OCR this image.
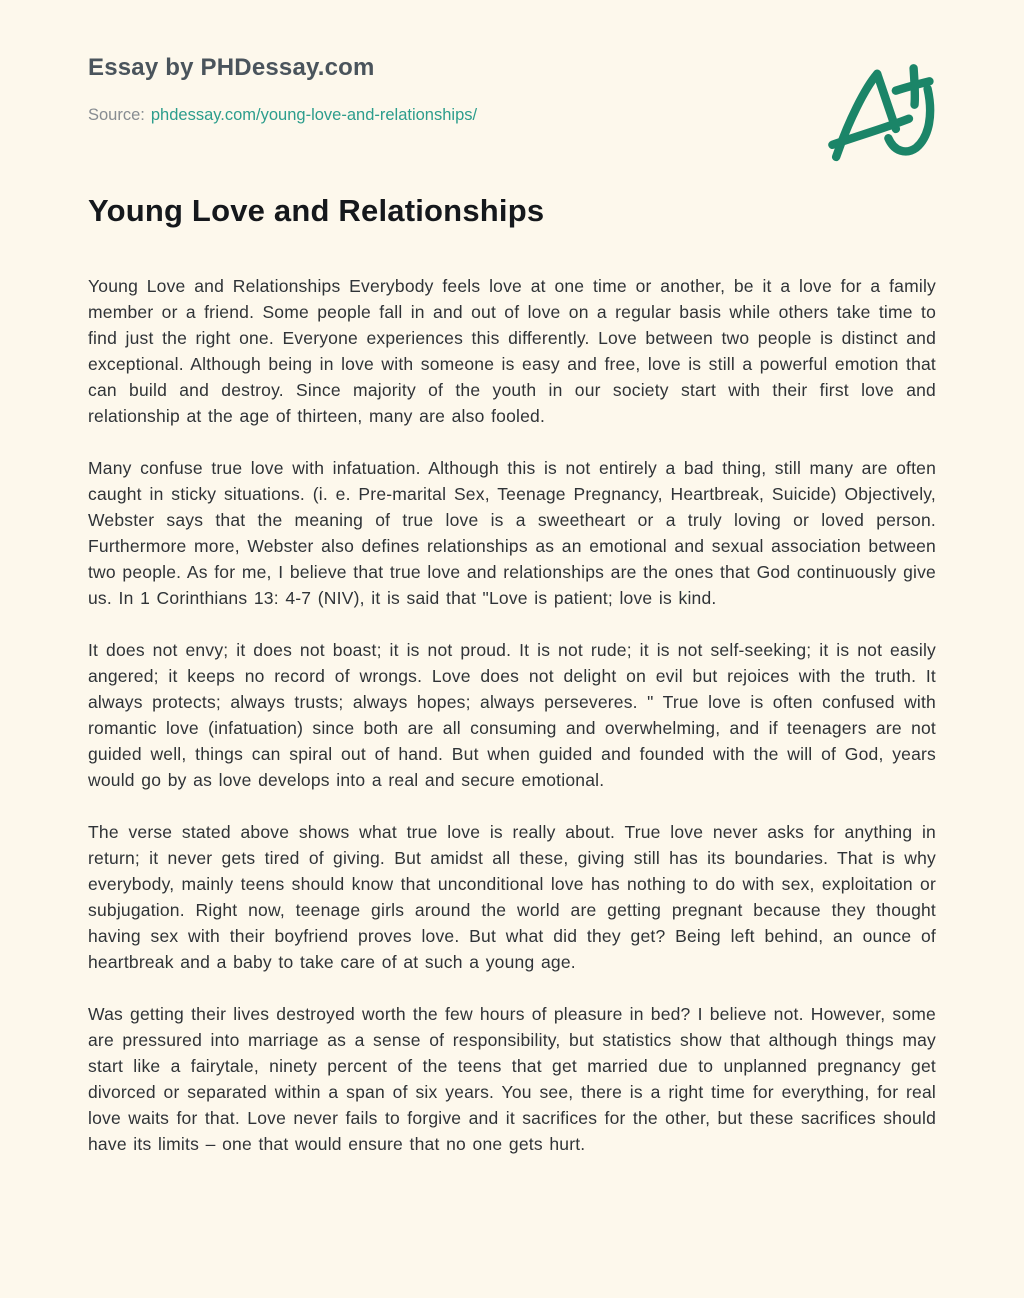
Essay by PHDessay.com
Source: phdessay.com/young-love-and-relationships/
Young Love and Relationships

Young Love and Relationships Everybody feels love at one time or another, be it a love for a family member or a friend. Some people fall in and out of love on a regular basis while others take time to find just the right one. Everyone experiences this differently. Love between two people is distinct and exceptional. Although being in love with someone is easy and free, love is still a powerful emotion that can build and destroy. Since majority of the youth in our society start with their first love and relationship at the age of thirteen, many are also fooled.

Many confuse true love with infatuation. Although this is not entirely a bad thing, still many are often caught in sticky situations. (i. e. Pre-marital Sex, Teenage Pregnancy, Heartbreak, Suicide) Objectively, Webster says that the meaning of true love is a sweetheart or a truly loving or loved person. Furthermore more, Webster also defines relationships as an emotional and sexual association between two people. As for me, I believe that true love and relationships are the ones that God continuously give us. In 1 Corinthians 13: 4-7 (NIV), it is said that "Love is patient; love is kind.

It does not envy; it does not boast; it is not proud. It is not rude; it is not self-seeking; it is not easily angered; it keeps no record of wrongs. Love does not delight on evil but rejoices with the truth. It always protects; always trusts; always hopes; always perseveres. " True love is often confused with romantic love (infatuation) since both are all consuming and overwhelming, and if teenagers are not guided well, things can spiral out of hand. But when guided and founded with the will of God, years would go by as love develops into a real and secure emotional.

The verse stated above shows what true love is really about. True love never asks for anything in return; it never gets tired of giving. But amidst all these, giving still has its boundaries. That is why everybody, mainly teens should know that unconditional love has nothing to do with sex, exploitation or subjugation. Right now, teenage girls around the world are getting pregnant because they thought having sex with their boyfriend proves love. But what did they get? Being left behind, an ounce of heartbreak and a baby to take care of at such a young age.

Was getting their lives destroyed worth the few hours of pleasure in bed? I believe not. However, some are pressured into marriage as a sense of responsibility, but statistics show that although things may start like a fairytale, ninety percent of the teens that get married due to unplanned pregnancy get divorced or separated within a span of six years. You see, there is a right time for everything, for real love waits for that. Love never fails to forgive and it sacrifices for the other, but these sacrifices should have its limits – one that would ensure that no one gets hurt.
